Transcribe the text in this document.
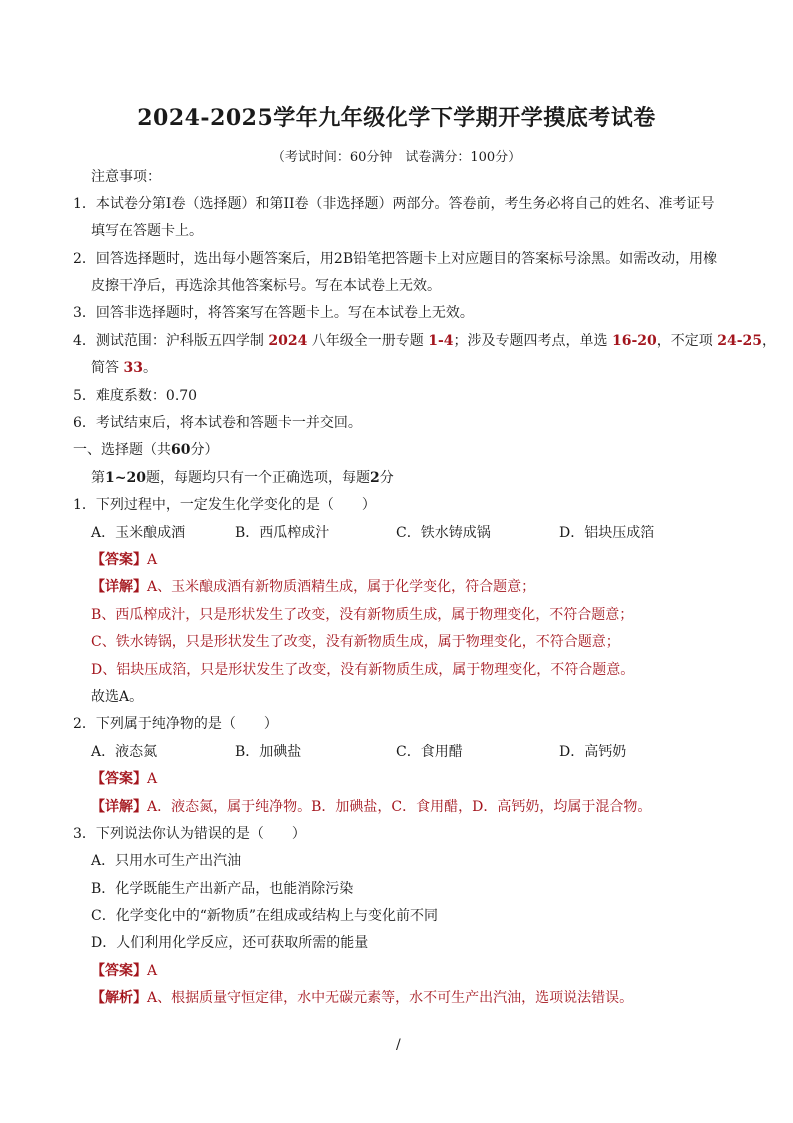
2024-2025学年九年级化学下学期开学摸底考试卷
（考试时间：60分钟　试卷满分：100分）
注意事项：
1．本试卷分第I卷（选择题）和第II卷（非选择题）两部分。答卷前，考生务必将自己的姓名、准考证号
填写在答题卡上。
2．回答选择题时，选出每小题答案后，用2B铅笔把答题卡上对应题目的答案标号涂黑。如需改动，用橡
皮擦干净后，再选涂其他答案标号。写在本试卷上无效。
3．回答非选择题时，将答案写在答题卡上。写在本试卷上无效。
4．测试范围：沪科版五四学制 2024 八年级全一册专题 1-4；涉及专题四考点，单选 16-20，不定项 24-25，
简答 33。
5．难度系数：0.70
6．考试结束后，将本试卷和答题卡一并交回。
一、选择题（共60分）
第1~20题，每题均只有一个正确选项，每题2分
1．下列过程中，一定发生化学变化的是（　　）
A．玉米酿成酒	B．西瓜榨成汁	C．铁水铸成锅	D．铝块压成箔
【答案】A
【详解】A、玉米酿成酒有新物质酒精生成，属于化学变化，符合题意；
B、西瓜榨成汁，只是形状发生了改变，没有新物质生成，属于物理变化，不符合题意；
C、铁水铸锅，只是形状发生了改变，没有新物质生成，属于物理变化，不符合题意；
D、铝块压成箔，只是形状发生了改变，没有新物质生成，属于物理变化，不符合题意。
故选A。
2．下列属于纯净物的是（　　）
A．液态氮	B．加碘盐	C．食用醋	D．高钙奶
【答案】A
【详解】A．液态氮，属于纯净物。B．加碘盐，C．食用醋，D．高钙奶，均属于混合物。
3．下列说法你认为错误的是（　　）
A．只用水可生产出汽油
B．化学既能生产出新产品，也能消除污染
C．化学变化中的“新物质”在组成或结构上与变化前不同
D．人们利用化学反应，还可获取所需的能量
【答案】A
【解析】A、根据质量守恒定律，水中无碳元素等，水不可生产出汽油，选项说法错误。
/
